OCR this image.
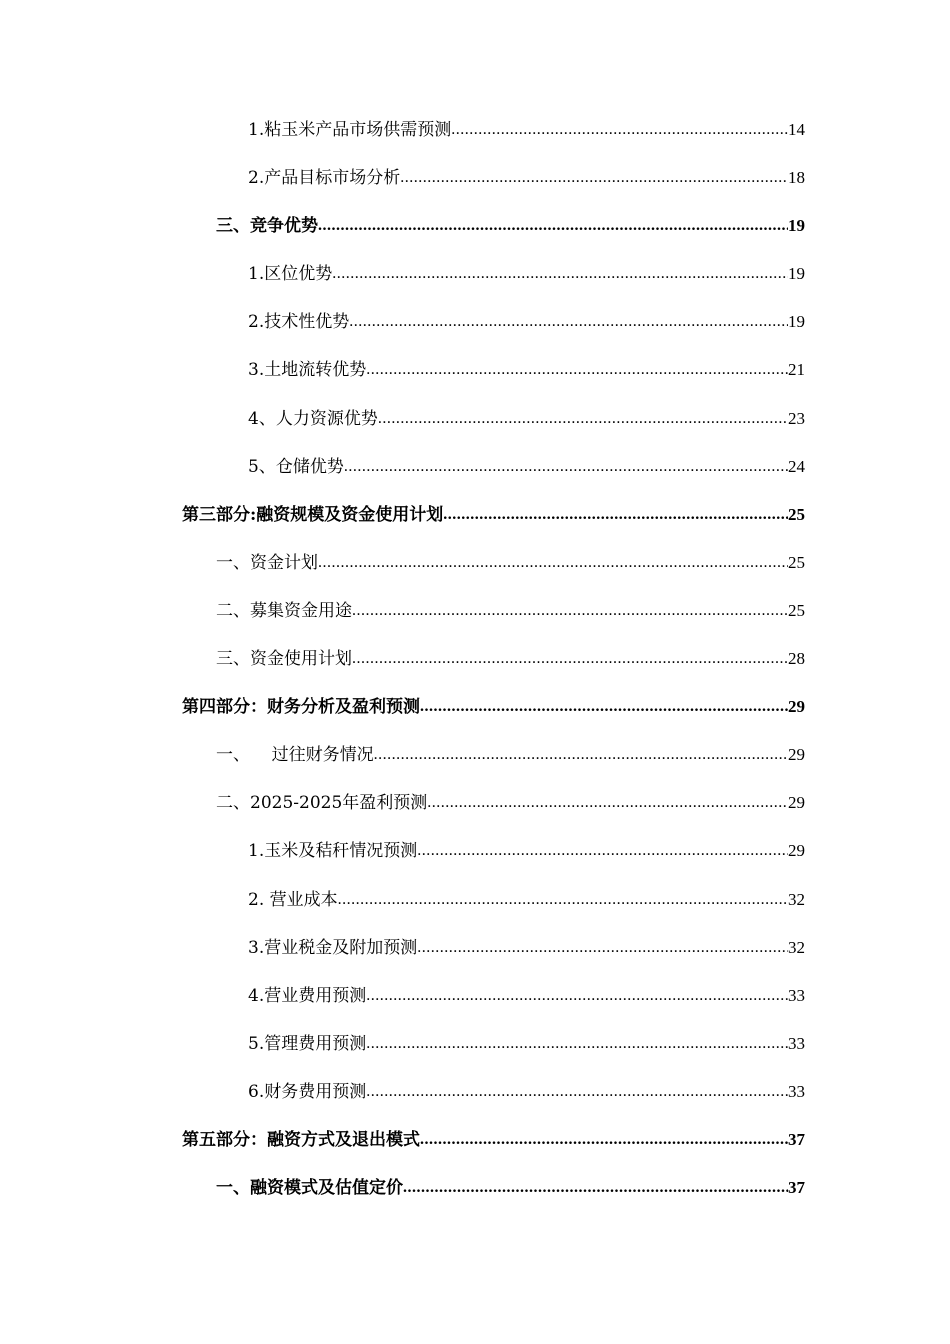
1.粘玉米产品市场供需预测 .....	14
2.产品目标市场分析 .....	18
三、竞争优势 .....	19
1.区位优势 .....	19
2.技术性优势 .....	19
3.土地流转优势 .....	21
4、人力资源优势 .....	23
5、仓储优势 .....	24
第三部分:融资规模及资金使用计划 .....	25
一、资金计划 .....	25
二、募集资金用途 .....	25
三、资金使用计划 .....	28
第四部分：财务分析及盈利预测 .....	29
一、    过往财务情况 .....	29
二、2025-2025年盈利预测 .....	29
1.玉米及秸秆情况预测 .....	29
2. 营业成本 .....	32
3.营业税金及附加预测 .....	32
4.营业费用预测 .....	33
5.管理费用预测 .....	33
6.财务费用预测 .....	33
第五部分：融资方式及退出模式 .....	37
一、融资模式及估值定价 .....	37
